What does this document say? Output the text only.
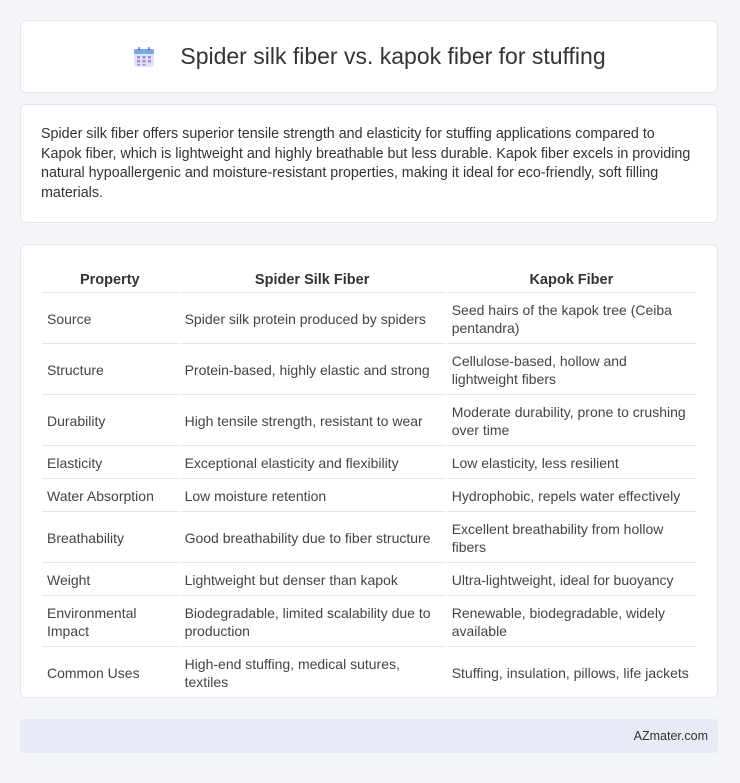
Spider silk fiber vs. kapok fiber for stuffing

Spider silk fiber offers superior tensile strength and elasticity for stuffing applications compared to Kapok fiber, which is lightweight and highly breathable but less durable. Kapok fiber excels in providing natural hypoallergenic and moisture-resistant properties, making it ideal for eco-friendly, soft filling materials.

Property	Spider Silk Fiber	Kapok Fiber
Source	Spider silk protein produced by spiders	Seed hairs of the kapok tree (Ceiba pentandra)
Structure	Protein-based, highly elastic and strong	Cellulose-based, hollow and lightweight fibers
Durability	High tensile strength, resistant to wear	Moderate durability, prone to crushing over time
Elasticity	Exceptional elasticity and flexibility	Low elasticity, less resilient
Water Absorption	Low moisture retention	Hydrophobic, repels water effectively
Breathability	Good breathability due to fiber structure	Excellent breathability from hollow fibers
Weight	Lightweight but denser than kapok	Ultra-lightweight, ideal for buoyancy
Environmental Impact	Biodegradable, limited scalability due to production	Renewable, biodegradable, widely available
Common Uses	High-end stuffing, medical sutures, textiles	Stuffing, insulation, pillows, life jackets
AZmater.com
